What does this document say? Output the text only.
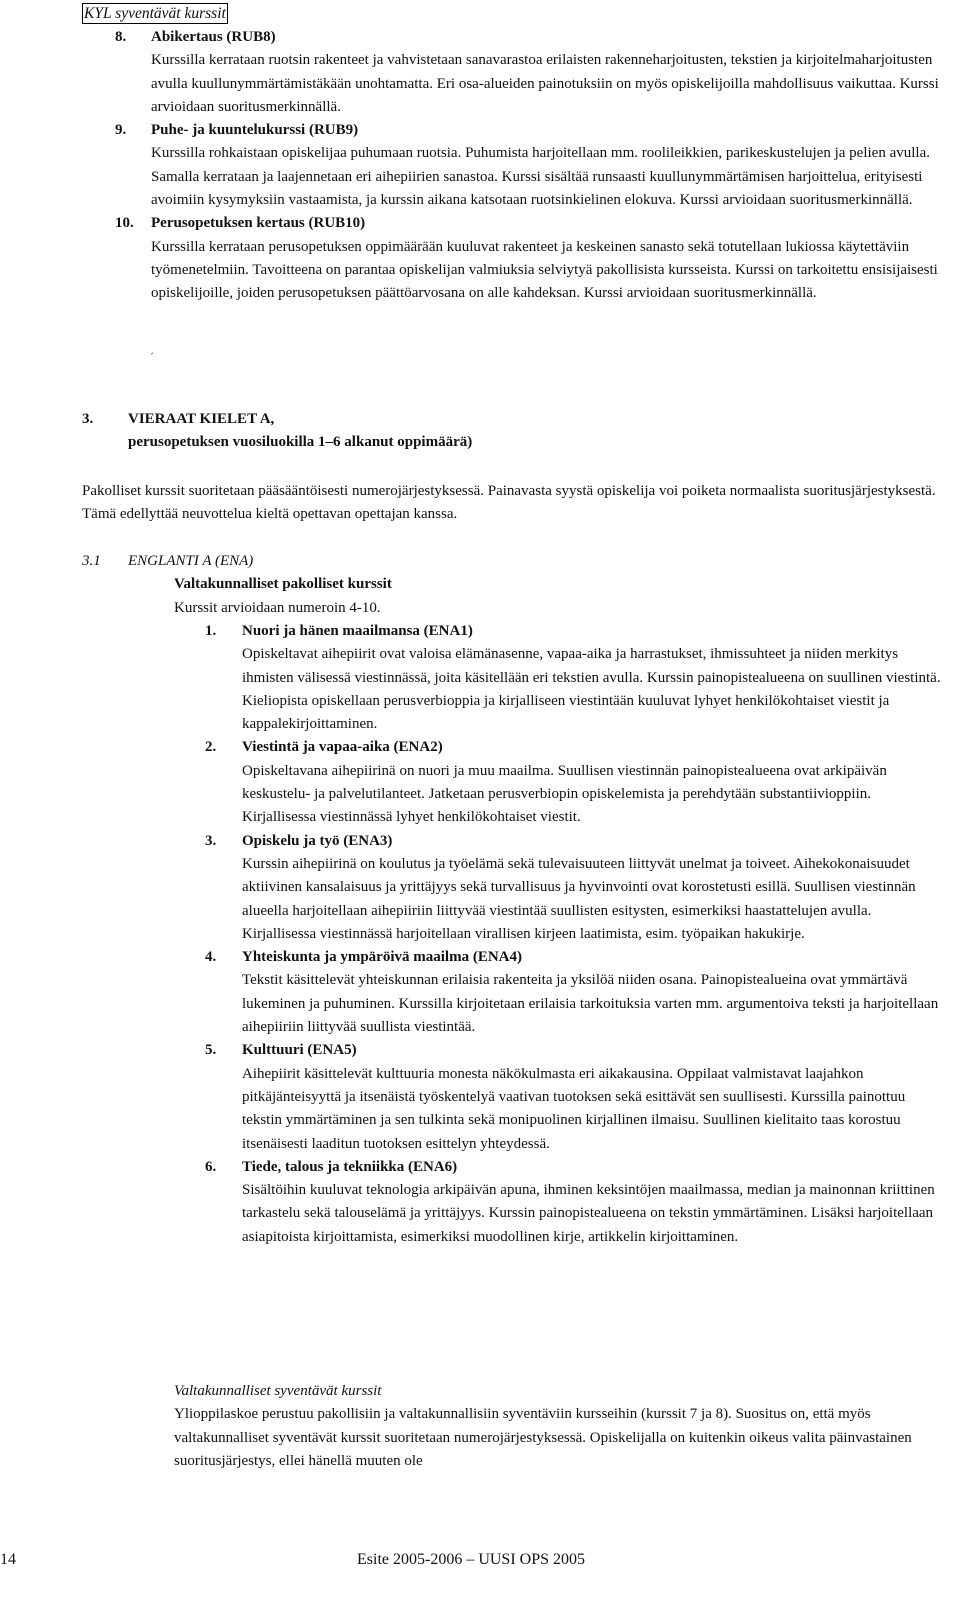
KYL syventävät kurssit
8. Abikertaus (RUB8)
Kurssilla kerrataan ruotsin rakenteet ja vahvistetaan sanavarastoa erilaisten rakenneharjoitusten, tekstien ja kirjoitelmaharjoitusten avulla kuullunymmärtämistäkään unohtamatta. Eri osa-alueiden painotuksiin on myös opiskelijoilla mahdollisuus vaikuttaa. Kurssi arvioidaan suoritusmerkinnällä.
9. Puhe- ja kuuntelukurssi (RUB9)
Kurssilla rohkaistaan opiskelijaa puhumaan ruotsia. Puhumista harjoitellaan mm. roolileikkien, parikeskustelujen ja pelien avulla. Samalla kerrataan ja laajennetaan eri aihepiirien sanastoa. Kurssi sisältää runsaasti kuullunymmärtämisen harjoittelua, erityisesti avoimiin kysymyksiin vastaamista, ja kurssin aikana katsotaan ruotsinkielinen elokuva. Kurssi arvioidaan suoritusmerkinnällä.
10. Perusopetuksen kertaus (RUB10)
Kurssilla kerrataan perusopetuksen oppimäärään kuuluvat rakenteet ja keskeinen sanasto sekä totutellaan lukiossa käytettäviin työmenetelmiin. Tavoitteena on parantaa opiskelijan valmiuksia selviytyä pakollisista kursseista. Kurssi on tarkoitettu ensisijaisesti opiskelijoille, joiden perusopetuksen päättöarvosana on alle kahdeksan. Kurssi arvioidaan suoritusmerkinnällä.
´
3. VIERAAT KIELET A,
perusopetuksen vuosiluokilla 1–6 alkanut oppimäärä)
Pakolliset kurssit suoritetaan pääsääntöisesti numerojärjestyksessä. Painavasta syystä opiskelija voi poiketa normaalista suoritusjärjestyksestä. Tämä edellyttää neuvottelua kieltä opettavan opettajan kanssa.
3.1 ENGLANTI A (ENA)
Valtakunnalliset pakolliset kurssit
Kurssit arvioidaan numeroin 4-10.
1. Nuori ja hänen maailmansa (ENA1)
Opiskeltavat aihepiirit ovat valoisa elämänasenne, vapaa-aika ja harrastukset, ihmissuhteet ja niiden merkitys ihmisten välisessä viestinnässä, joita käsitellään eri tekstien avulla. Kurssin painopistealueena on suullinen viestintä. Kieliopista opiskellaan perusverbioppia ja kirjalliseen viestintään kuuluvat lyhyet henkilökohtaiset viestit ja kappalekirjoittaminen.
2. Viestintä ja vapaa-aika (ENA2)
Opiskeltavana aihepiirinä on nuori ja muu maailma. Suullisen viestinnän painopistealueena ovat arkipäivän keskustelu- ja palvelutilanteet. Jatketaan perusverbiopin opiskelemista ja perehdytään substantiivioppiin. Kirjallisessa viestinnässä lyhyet henkilökohtaiset viestit.
3. Opiskelu ja työ (ENA3)
Kurssin aihepiirinä on koulutus ja työelämä sekä tulevaisuuteen liittyvät unelmat ja toiveet. Aihekokonaisuudet aktiivinen kansalaisuus ja yrittäjyys sekä turvallisuus ja hyvinvointi ovat korostetusti esillä. Suullisen viestinnän alueella harjoitellaan aihepiiriin liittyvää viestintää suullisten esitysten, esimerkiksi haastattelujen avulla. Kirjallisessa viestinnässä harjoitellaan virallisen kirjeen laatimista, esim. työpaikan hakukirje.
4. Yhteiskunta ja ympäröivä maailma (ENA4)
Tekstit käsittelevät yhteiskunnan erilaisia rakenteita ja yksilöä niiden osana. Painopistealueina ovat ymmärtävä lukeminen ja puhuminen. Kurssilla kirjoitetaan erilaisia tarkoituksia varten mm. argumentoiva teksti ja harjoitellaan aihepiiriin liittyvää suullista viestintää.
5. Kulttuuri (ENA5)
Aihepiirit käsittelevät kulttuuria monesta näkökulmasta eri aikakausina. Oppilaat valmistavat laajahkon pitkäjänteisyyttä ja itsenäistä työskentelyä vaativan tuotoksen sekä esittävät sen suullisesti. Kurssilla painottuu tekstin ymmärtäminen ja sen tulkinta sekä monipuolinen kirjallinen ilmaisu. Suullinen kielitaito taas korostuu itsenäisesti laaditun tuotoksen esittelyn yhteydessä.
6. Tiede, talous ja tekniikka (ENA6)
Sisältöihin kuuluvat teknologia arkipäivän apuna, ihminen keksintöjen maailmassa, median ja mainonnan kriittinen tarkastelu sekä talouselämä ja yrittäjyys. Kurssin painopistealueena on tekstin ymmärtäminen. Lisäksi harjoitellaan asiapitoista kirjoittamista, esimerkiksi muodollinen kirje, artikkelin kirjoittaminen.
Valtakunnalliset syventävät kurssit
Ylioppilaskoe perustuu pakollisiin ja valtakunnallisiin syventäviin kursseihin (kurssit 7 ja 8). Suositus on, että myös valtakunnalliset syventävät kurssit suoritetaan numerojärjestyksessä. Opiskelijalla on kuitenkin oikeus valita päinvastainen suoritusjärjestys, ellei hänellä muuten ole
14	Esite 2005-2006 – UUSI OPS 2005
